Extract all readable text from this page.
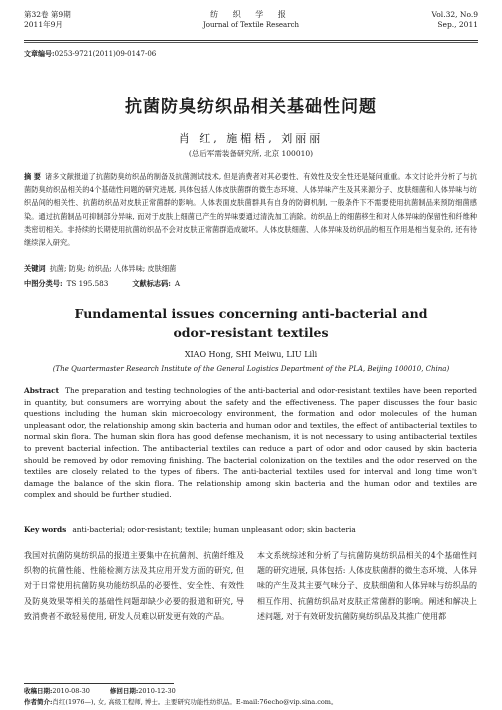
第32卷 第9期
2011年9月
纺 织 学 报
Journal of Textile Research
Vol.32, No.9
Sep., 2011
文章编号:0253-9721(2011)09-0147-06
抗菌防臭纺织品相关基础性问题
肖 红, 施楣梧, 刘丽丽
(总后军需装备研究所, 北京 100010)
摘 要 诸多文献报道了抗菌防臭纺织品的制备及抗菌测试技术, 但是消费者对其必要性、有效性及安全性还是疑问重重。本文讨论并分析了与抗菌防臭纺织品相关的4个基础性问题的研究进展, 具体包括人体皮肤菌群的微生态环境、人体异味产生及其来源分子、皮肤细菌和人体异味与纺织品间的相关性、抗菌纺织品对皮肤正常菌群的影响。人体表面皮肤菌群具有自身的防御机制, 一般条件下不需要使用抗菌制品来预防细菌感染。通过抗菌制品可抑制部分异味, 而对于皮肤上细菌已产生的异味要通过清洗加工消除。纺织品上的细菌移生和对人体异味的保留性和纤维种类密切相关。非持续的长期使用抗菌纺织品不会对皮肤正常菌群造成破坏。人体皮肤细菌、人体异味及纺织品的相互作用是相当复杂的, 还有待继续深入研究。
关键词 抗菌; 防臭; 纺织品; 人体异味; 皮肤细菌
中图分类号: TS 195.583	文献标志码: A
Fundamental issues concerning anti-bacterial and
odor-resistant textiles
XIAO Hong, SHI Meiwu, LIU Lili
(The Quartermaster Research Institute of the General Logistics Department of the PLA, Beijing 100010, China)
Abstract The preparation and testing technologies of the anti-bacterial and odor-resistant textiles have been reported in quantity, but consumers are worrying about the safety and the effectiveness. The paper discusses the four basic questions including the human skin microecology environment, the formation and odor molecules of the human unpleasant odor, the relationship among skin bacteria and human odor and textiles, the effect of antibacterial textiles to normal skin flora. The human skin flora has good defense mechanism, it is not necessary to using antibacterial textiles to prevent bacterial infection. The antibacterial textiles can reduce a part of odor and odor caused by skin bacteria should be removed by odor removing finishing. The bacterial colonization on the textiles and the odor reserved on the textiles are closely related to the types of fibers. The anti-bacterial textiles used for interval and long time won't damage the balance of the skin flora. The relationship among skin bacteria and the human odor and textiles are complex and should be further studied.
Key words anti-bacterial; odor-resistant; textile; human unpleasant odor; skin bacteria
我国对抗菌防臭纺织品的报道主要集中在抗菌剂、抗菌纤维及织物的抗菌性能、性能检测方法及其应用开发方面的研究, 但对于日常使用抗菌防臭功能纺织品的必要性、安全性、有效性及防臭效果等相关的基础性问题却缺少必要的报道和研究, 导致消费者不敢轻易使用, 研发人员难以研发更有效的产品。
本文系统综述和分析了与抗菌防臭纺织品相关的4个基础性问题的研究进展, 具体包括: 人体皮肤菌群的微生态环境、人体异味的产生及其主要气味分子、皮肤细菌和人体异味与纺织品的相互作用、抗菌纺织品对皮肤正常菌群的影响。阐述和解决上述问题, 对于有效研发抗菌防臭纺织品及其推广使用都
收稿日期:2010-08-30	修回日期:2010-12-30
作者简介:肖红(1976—), 女, 高级工程师, 博士。主要研究功能性纺织品。E-mail:76echo@vip.sina.com。
